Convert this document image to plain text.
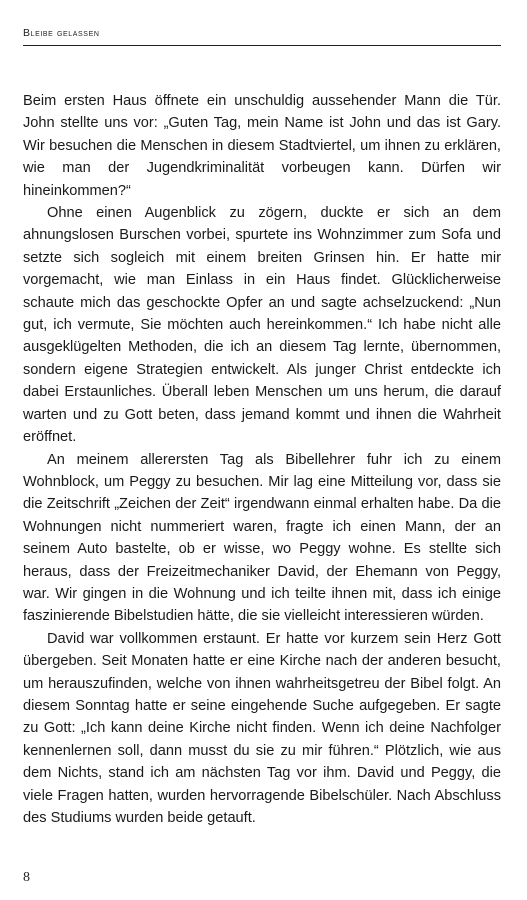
Bleibe gelassen

Beim ersten Haus öffnete ein unschuldig aussehender Mann die Tür. John stellte uns vor: „Guten Tag, mein Name ist John und das ist Gary. Wir besuchen die Menschen in diesem Stadtviertel, um ihnen zu erklären, wie man der Jugendkriminalität vorbeugen kann. Dürfen wir hineinkommen?“

Ohne einen Augenblick zu zögern, duckte er sich an dem ahnungslosen Burschen vorbei, spurtete ins Wohnzimmer zum Sofa und setzte sich sogleich mit einem breiten Grinsen hin. Er hatte mir vorgemacht, wie man Einlass in ein Haus findet. Glücklicherweise schaute mich das geschockte Opfer an und sagte achselzuckend: „Nun gut, ich vermute, Sie möchten auch hereinkommen.“ Ich habe nicht alle ausgeklügelten Methoden, die ich an diesem Tag lernte, übernommen, sondern eigene Strategien entwickelt. Als junger Christ entdeckte ich dabei Erstaunliches. Überall leben Menschen um uns herum, die darauf warten und zu Gott beten, dass jemand kommt und ihnen die Wahrheit eröffnet.

An meinem allerersten Tag als Bibellehrer fuhr ich zu einem Wohnblock, um Peggy zu besuchen. Mir lag eine Mitteilung vor, dass sie die Zeitschrift „Zeichen der Zeit“ irgendwann einmal erhalten habe. Da die Wohnungen nicht nummeriert waren, fragte ich einen Mann, der an seinem Auto bastelte, ob er wisse, wo Peggy wohne. Es stellte sich heraus, dass der Freizeitmechaniker David, der Ehemann von Peggy, war. Wir gingen in die Wohnung und ich teilte ihnen mit, dass ich einige faszinierende Bibelstudien hätte, die sie vielleicht interessieren würden.

David war vollkommen erstaunt. Er hatte vor kurzem sein Herz Gott übergeben. Seit Monaten hatte er eine Kirche nach der anderen besucht, um herauszufinden, welche von ihnen wahrheitsgetreu der Bibel folgt. An diesem Sonntag hatte er seine eingehende Suche aufgegeben. Er sagte zu Gott: „Ich kann deine Kirche nicht finden. Wenn ich deine Nachfolger kennenlernen soll, dann musst du sie zu mir führen.“ Plötzlich, wie aus dem Nichts, stand ich am nächsten Tag vor ihm. David und Peggy, die viele Fragen hatten, wurden hervorragende Bibelschüler. Nach Abschluss des Studiums wurden beide getauft.

8
